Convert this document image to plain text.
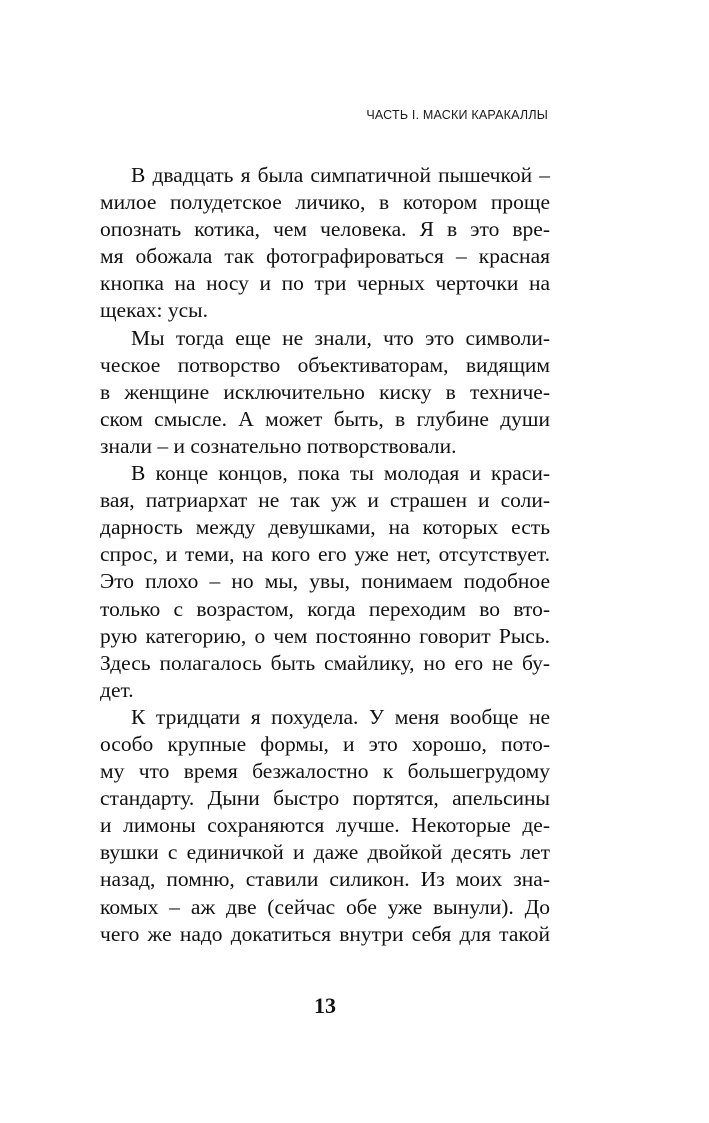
ЧАСТЬ I. МАСКИ КАРАКАЛЛЫ
В двадцать я была симпатичной пышечкой –
милое полудетское личико, в котором проще
опознать котика, чем человека. Я в это вре-
мя обожала так фотографироваться – красная
кнопка на носу и по три черных черточки на
щеках: усы.
Мы тогда еще не знали, что это символи-
ческое потворство объективаторам, видящим
в женщине исключительно киску в техниче-
ском смысле. А может быть, в глубине души
знали – и сознательно потворствовали.
В конце концов, пока ты молодая и краси-
вая, патриархат не так уж и страшен и соли-
дарность между девушками, на которых есть
спрос, и теми, на кого его уже нет, отсутствует.
Это плохо – но мы, увы, понимаем подобное
только с возрастом, когда переходим во вто-
рую категорию, о чем постоянно говорит Рысь.
Здесь полагалось быть смайлику, но его не бу-
дет.
К тридцати я похудела. У меня вообще не
особо крупные формы, и это хорошо, пото-
му что время безжалостно к большегрудому
стандарту. Дыни быстро портятся, апельсины
и лимоны сохраняются лучше. Некоторые де-
вушки с единичкой и даже двойкой десять лет
назад, помню, ставили силикон. Из моих зна-
комых – аж две (сейчас обе уже вынули). До
чего же надо докатиться внутри себя для такой
13
